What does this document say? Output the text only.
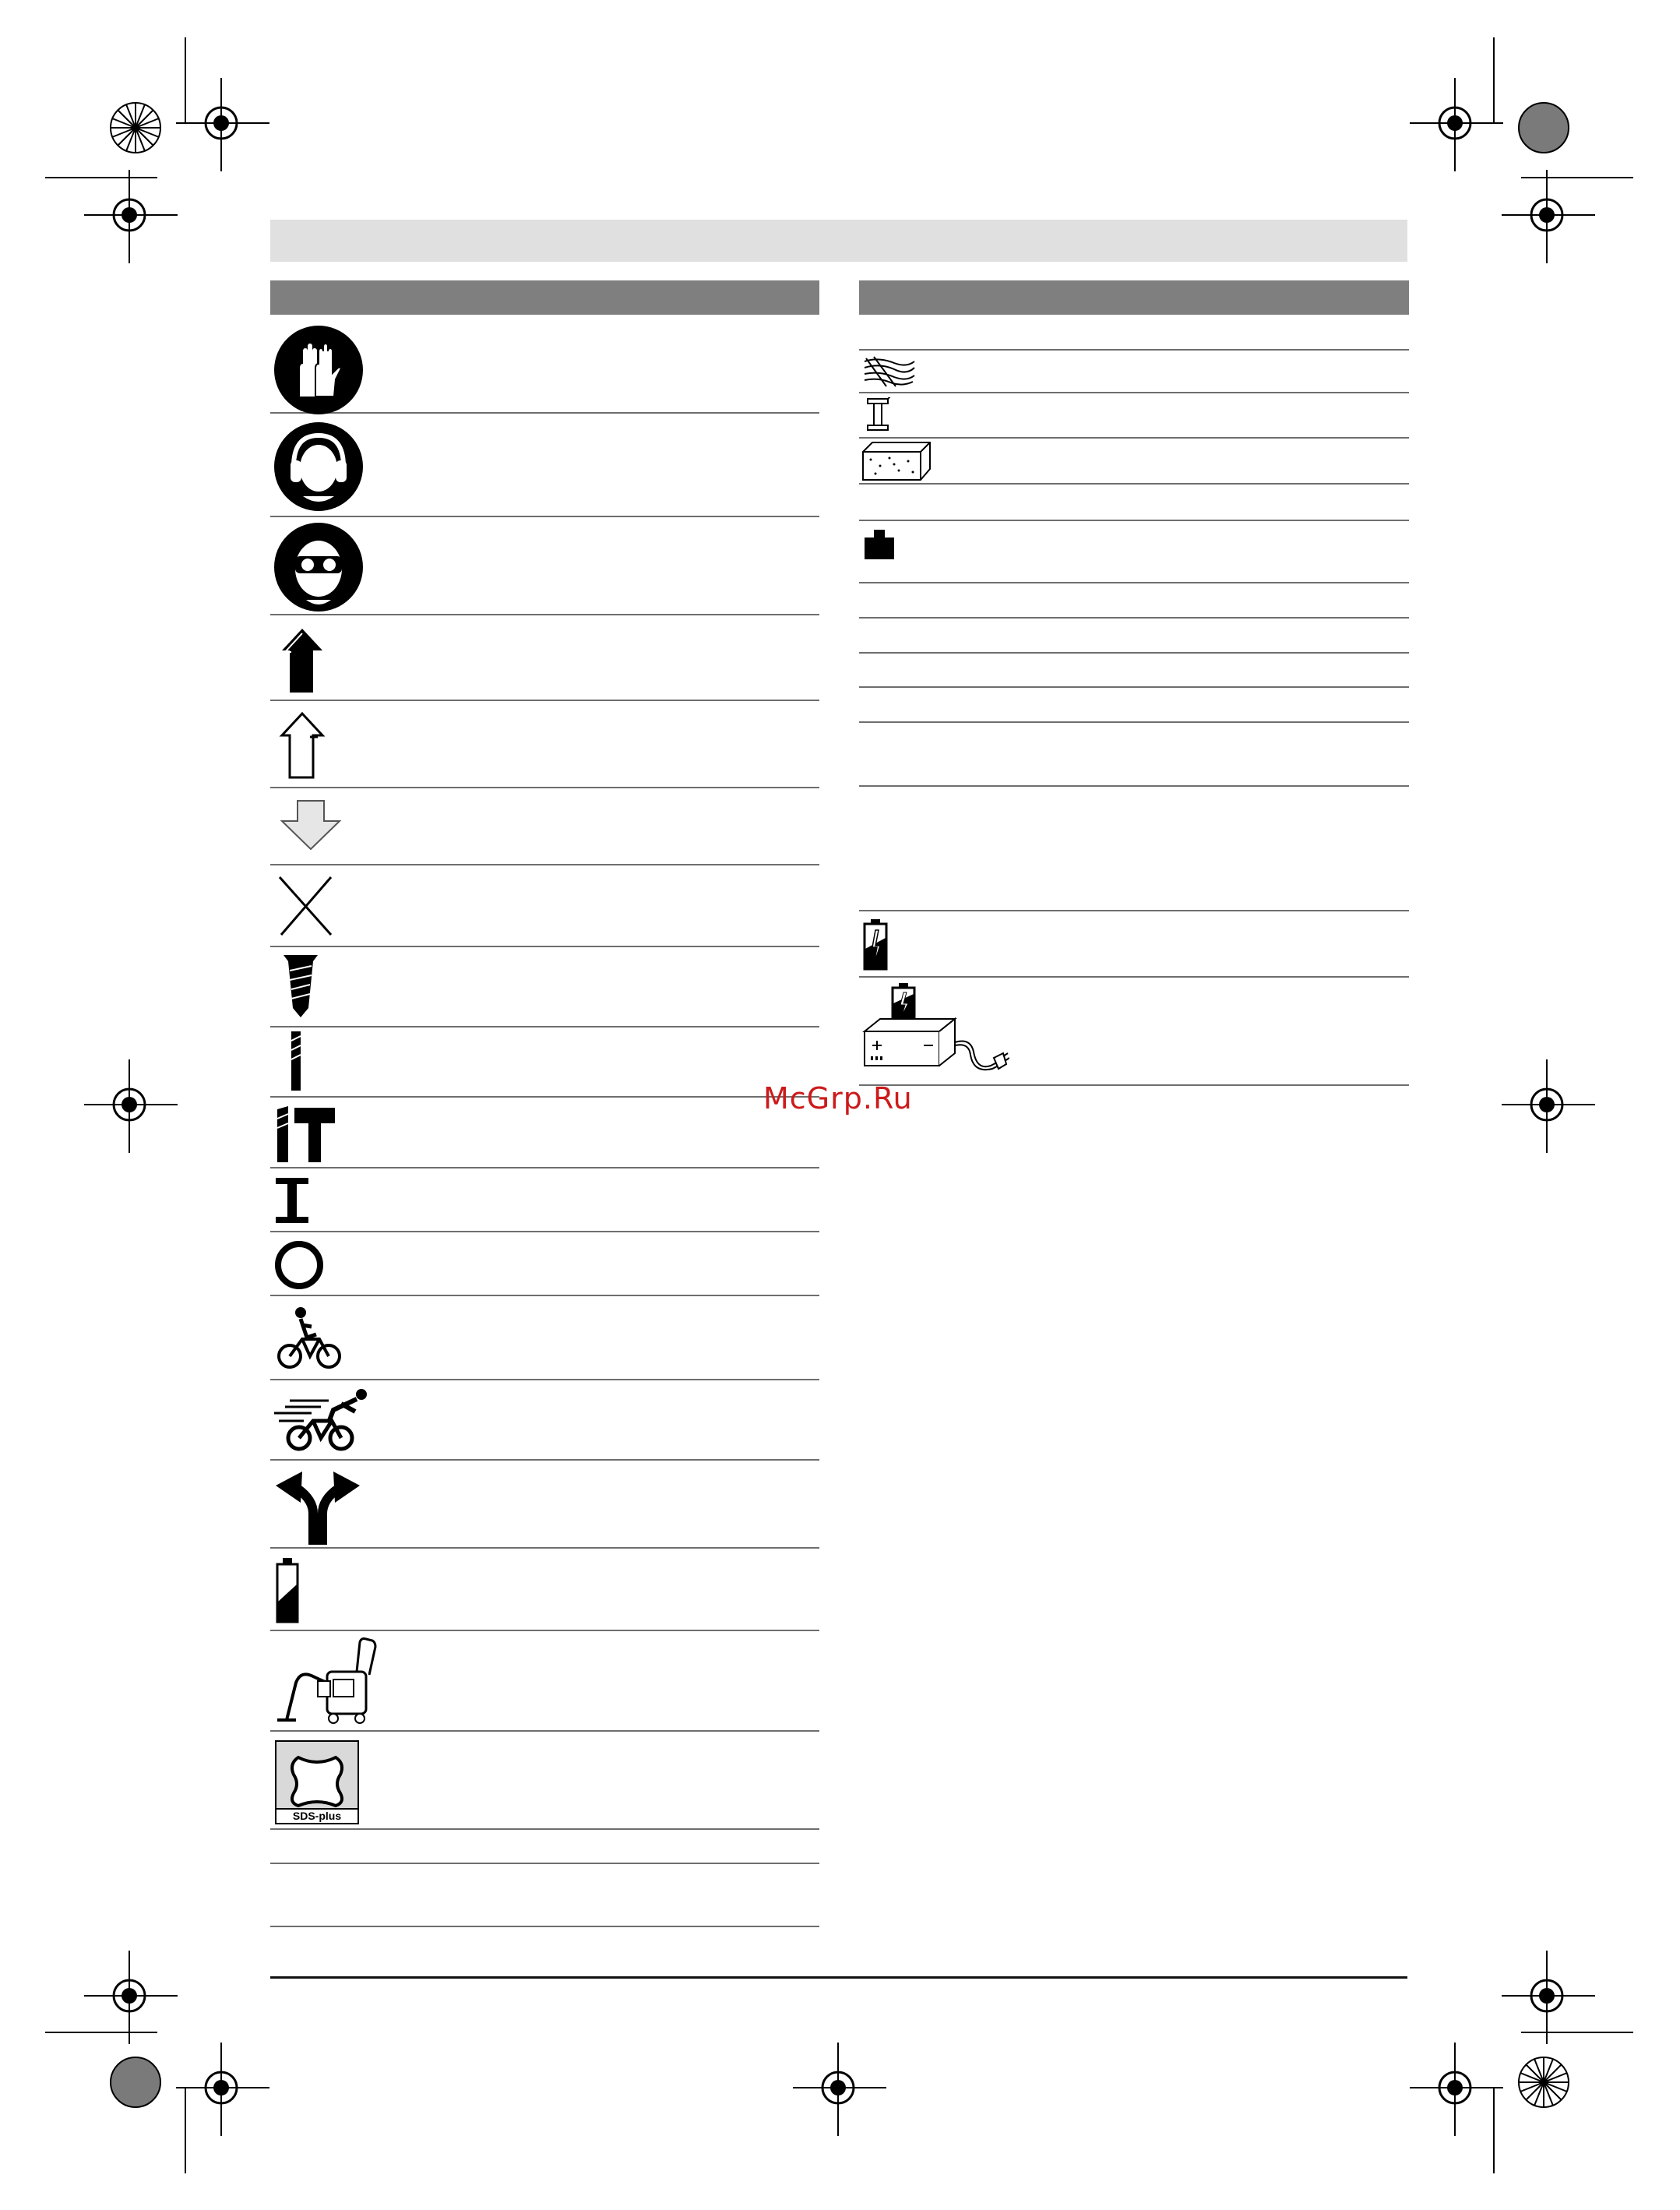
SDS-plus
McGrp.Ru
